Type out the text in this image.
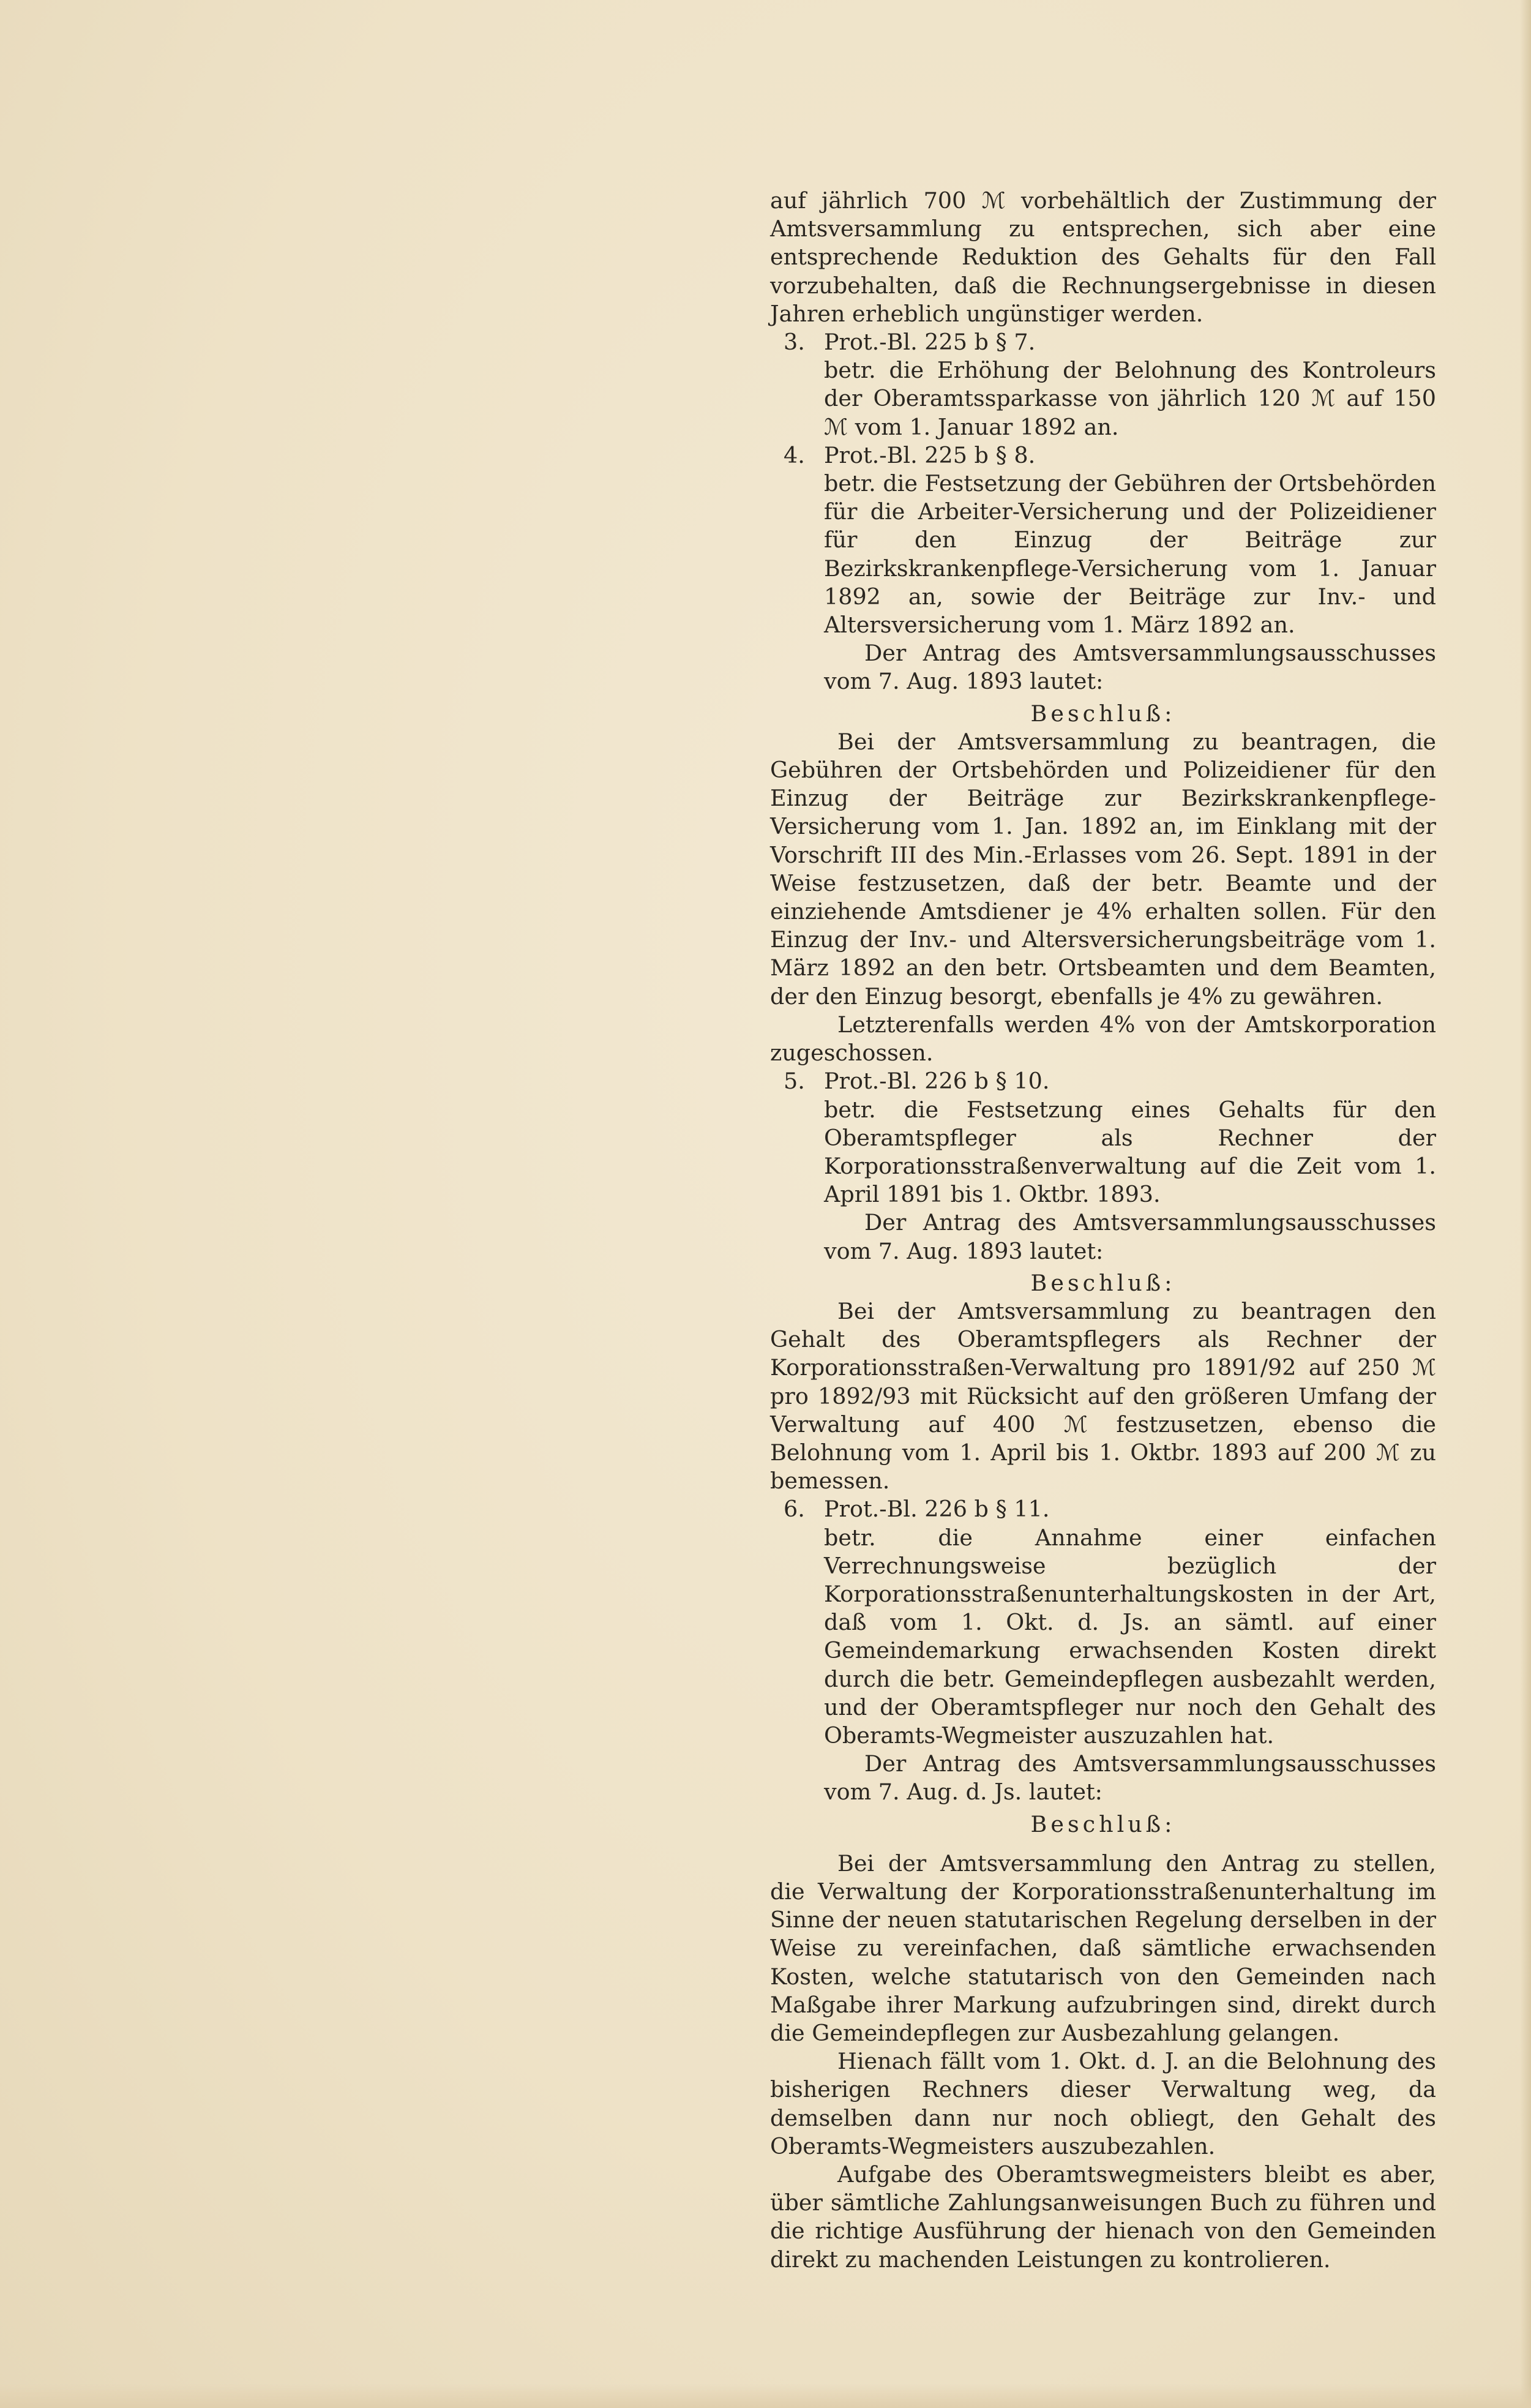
auf jährlich 700 ℳ vorbehältlich der Zustimmung der Amtsversammlung zu entsprechen, sich aber eine entsprechende Reduktion des Gehalts für den Fall vorzubehalten, daß die Rechnungsergebnisse in diesen Jahren erheblich ungünstiger werden.

3. Prot.-Bl. 225 b § 7.

betr. die Erhöhung der Belohnung des Kontroleurs der Oberamtssparkasse von jährlich 120 ℳ auf 150 ℳ vom 1. Januar 1892 an.

4. Prot.-Bl. 225 b § 8.

betr. die Festsetzung der Gebühren der Ortsbehörden für die Arbeiter-Versicherung und der Polizeidiener für den Einzug der Beiträge zur Bezirkskrankenpflege-Versicherung vom 1. Januar 1892 an, sowie der Beiträge zur Inv.- und Altersversicherung vom 1. März 1892 an.

Der Antrag des Amtsversammlungsausschusses vom 7. Aug. 1893 lautet:

Beschluß:

Bei der Amtsversammlung zu beantragen, die Gebühren der Ortsbehörden und Polizeidiener für den Einzug der Beiträge zur Bezirkskrankenpflege-Versicherung vom 1. Jan. 1892 an, im Einklang mit der Vorschrift III des Min.-Erlasses vom 26. Sept. 1891 in der Weise festzusetzen, daß der betr. Beamte und der einziehende Amtsdiener je 4% erhalten sollen. Für den Einzug der Inv.- und Altersversicherungsbeiträge vom 1. März 1892 an den betr. Ortsbeamten und dem Beamten, der den Einzug besorgt, ebenfalls je 4% zu gewähren.

Letzterenfalls werden 4% von der Amtskorporation zugeschossen.

5. Prot.-Bl. 226 b § 10.

betr. die Festsetzung eines Gehalts für den Oberamtspfleger als Rechner der Korporationsstraßenverwaltung auf die Zeit vom 1. April 1891 bis 1. Oktbr. 1893.

Der Antrag des Amtsversammlungsausschusses vom 7. Aug. 1893 lautet:

Beschluß:

Bei der Amtsversammlung zu beantragen den Gehalt des Oberamtspflegers als Rechner der Korporationsstraßen-Verwaltung pro 1891/92 auf 250 ℳ pro 1892/93 mit Rücksicht auf den größeren Umfang der Verwaltung auf 400 ℳ festzusetzen, ebenso die Belohnung vom 1. April bis 1. Oktbr. 1893 auf 200 ℳ zu bemessen.

6. Prot.-Bl. 226 b § 11.

betr. die Annahme einer einfachen Verrechnungsweise bezüglich der Korporationsstraßenunterhaltungskosten in der Art, daß vom 1. Okt. d. Js. an sämtl. auf einer Gemeindemarkung erwachsenden Kosten direkt durch die betr. Gemeindepflegen ausbezahlt werden, und der Oberamtspfleger nur noch den Gehalt des Oberamts-Wegmeister auszuzahlen hat.

Der Antrag des Amtsversammlungsausschusses vom 7. Aug. d. Js. lautet:

Beschluß:

Bei der Amtsversammlung den Antrag zu stellen, die Verwaltung der Korporationsstraßenunterhaltung im Sinne der neuen statutarischen Regelung derselben in der Weise zu vereinfachen, daß sämtliche erwachsenden Kosten, welche statutarisch von den Gemeinden nach Maßgabe ihrer Markung aufzubringen sind, direkt durch die Gemeindepflegen zur Ausbezahlung gelangen.

Hienach fällt vom 1. Okt. d. J. an die Belohnung des bisherigen Rechners dieser Verwaltung weg, da demselben dann nur noch obliegt, den Gehalt des Oberamts-Wegmeisters auszubezahlen.

Aufgabe des Oberamtswegmeisters bleibt es aber, über sämtliche Zahlungsanweisungen Buch zu führen und die richtige Ausführung der hienach von den Gemeinden direkt zu machenden Leistungen zu kontrolieren.
